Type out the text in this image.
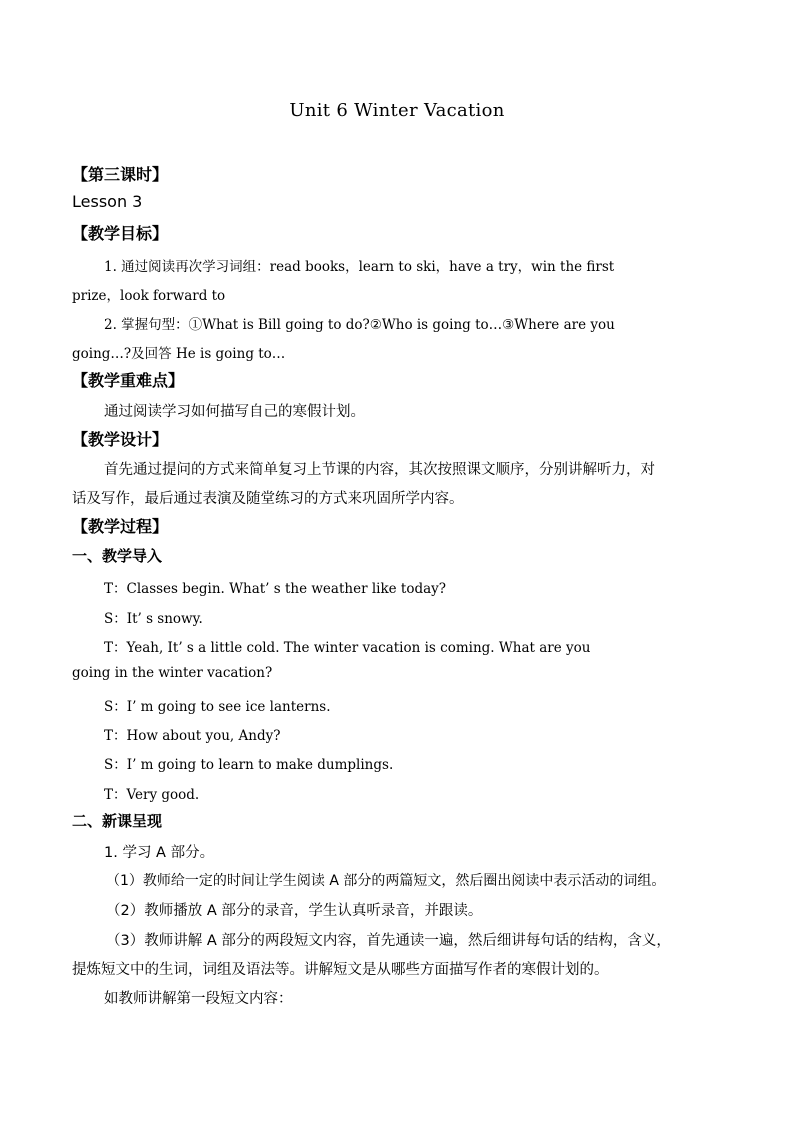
Unit 6 Winter Vacation
【第三课时】
Lesson 3
【教学目标】
1. 通过阅读再次学习词组：read books，learn to ski，have a try，win the first
prize，look forward to
2. 掌握句型：①What is Bill going to do?②Who is going to…③Where are you
going…?及回答 He is going to…
【教学重难点】
通过阅读学习如何描写自己的寒假计划。
【教学设计】
首先通过提问的方式来简单复习上节课的内容，其次按照课文顺序，分别讲解听力，对
话及写作，最后通过表演及随堂练习的方式来巩固所学内容。
【教学过程】
一、教学导入
T：Classes begin. What’ s the weather like today?
S：It’ s snowy.
T：Yeah, It’ s a little cold. The winter vacation is coming. What are you
going in the winter vacation?
S：I’ m going to see ice lanterns.
T：How about you, Andy?
S：I’ m going to learn to make dumplings.
T：Very good.
二、新课呈现
1. 学习 A 部分。
（1）教师给一定的时间让学生阅读 A 部分的两篇短文，然后圈出阅读中表示活动的词组。
（2）教师播放 A 部分的录音，学生认真听录音，并跟读。
（3）教师讲解 A 部分的两段短文内容，首先通读一遍，然后细讲每句话的结构，含义，
提炼短文中的生词，词组及语法等。讲解短文是从哪些方面描写作者的寒假计划的。
如教师讲解第一段短文内容：
